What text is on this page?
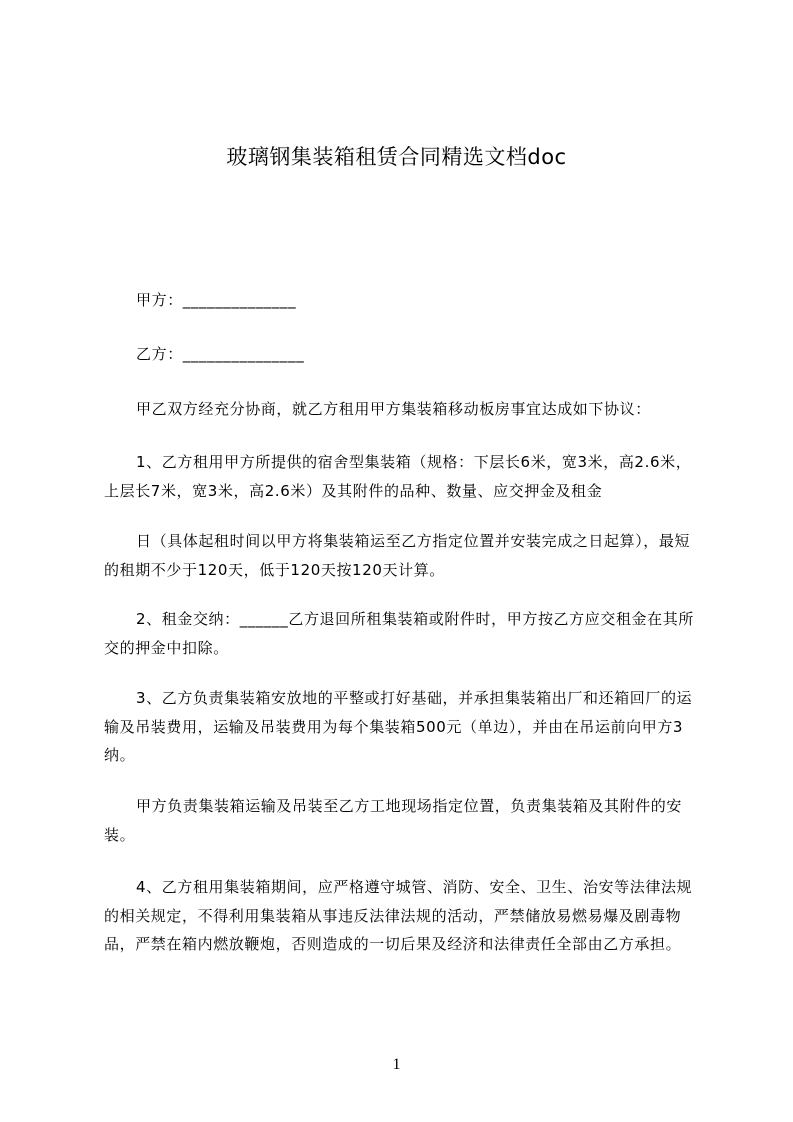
玻璃钢集装箱租赁合同精选文档doc
甲方：______________
乙方：_______________
甲乙双方经充分协商，就乙方租用甲方集装箱移动板房事宜达成如下协议：
1、乙方租用甲方所提供的宿舍型集装箱（规格：下层长6米，宽3米，高2.6米，上层长7米，宽3米，高2.6米）及其附件的品种、数量、应交押金及租金
日（具体起租时间以甲方将集装箱运至乙方指定位置并安装完成之日起算），最短的租期不少于120天，低于120天按120天计算。
2、租金交纳：______乙方退回所租集装箱或附件时，甲方按乙方应交租金在其所交的押金中扣除。
3、乙方负责集装箱安放地的平整或打好基础，并承担集装箱出厂和还箱回厂的运输及吊装费用，运输及吊装费用为每个集装箱500元（单边），并由在吊运前向甲方3纳。
甲方负责集装箱运输及吊装至乙方工地现场指定位置，负责集装箱及其附件的安装。
4、乙方租用集装箱期间，应严格遵守城管、消防、安全、卫生、治安等法律法规的相关规定，不得利用集装箱从事违反法律法规的活动，严禁储放易燃易爆及剧毒物品，严禁在箱内燃放鞭炮，否则造成的一切后果及经济和法律责任全部由乙方承担。
1
